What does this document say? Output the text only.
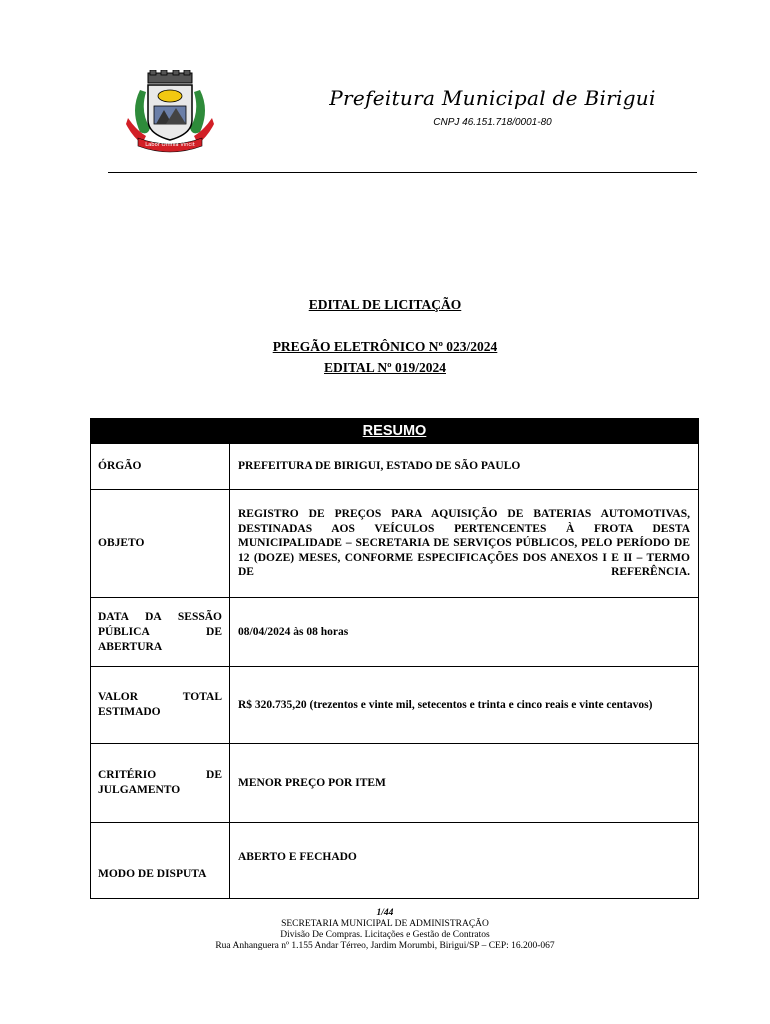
Labor Omnia Vincit
Prefeitura Municipal de Birigui
CNPJ 46.151.718/0001-80
EDITAL DE LICITAÇÃO
PREGÃO ELETRÔNICO Nº 023/2024
EDITAL Nº 019/2024
RESUMO
ÓRGÃO	PREFEITURA DE BIRIGUI, ESTADO DE SÃO PAULO
OBJETO
REGISTRO DE PREÇOS PARA AQUISIÇÃO DE BATERIAS AUTOMOTIVAS, DESTINADAS AOS VEÍCULOS PERTENCENTES À FROTA DESTA MUNICIPALIDADE – SECRETARIA DE SERVIÇOS PÚBLICOS, PELO PERÍODO DE 12 (DOZE) MESES, CONFORME ESPECIFICAÇÕES DOS ANEXOS I E II – TERMO DE REFERÊNCIA.
DATA DA SESSÃO PÚBLICA DE ABERTURA
08/04/2024 às 08 horas
VALOR TOTAL ESTIMADO
R$ 320.735,20 (trezentos e vinte mil, setecentos e trinta e cinco reais e vinte centavos)
CRITÉRIO DE JULGAMENTO
MENOR PREÇO POR ITEM
MODO DE DISPUTA
ABERTO E FECHADO
1/44
SECRETARIA MUNICIPAL DE ADMINISTRAÇÃO
Divisão De Compras. Licitações e Gestão de Contratos
Rua Anhanguera nº 1.155 Andar Térreo, Jardim Morumbi, Birigui/SP – CEP: 16.200-067
